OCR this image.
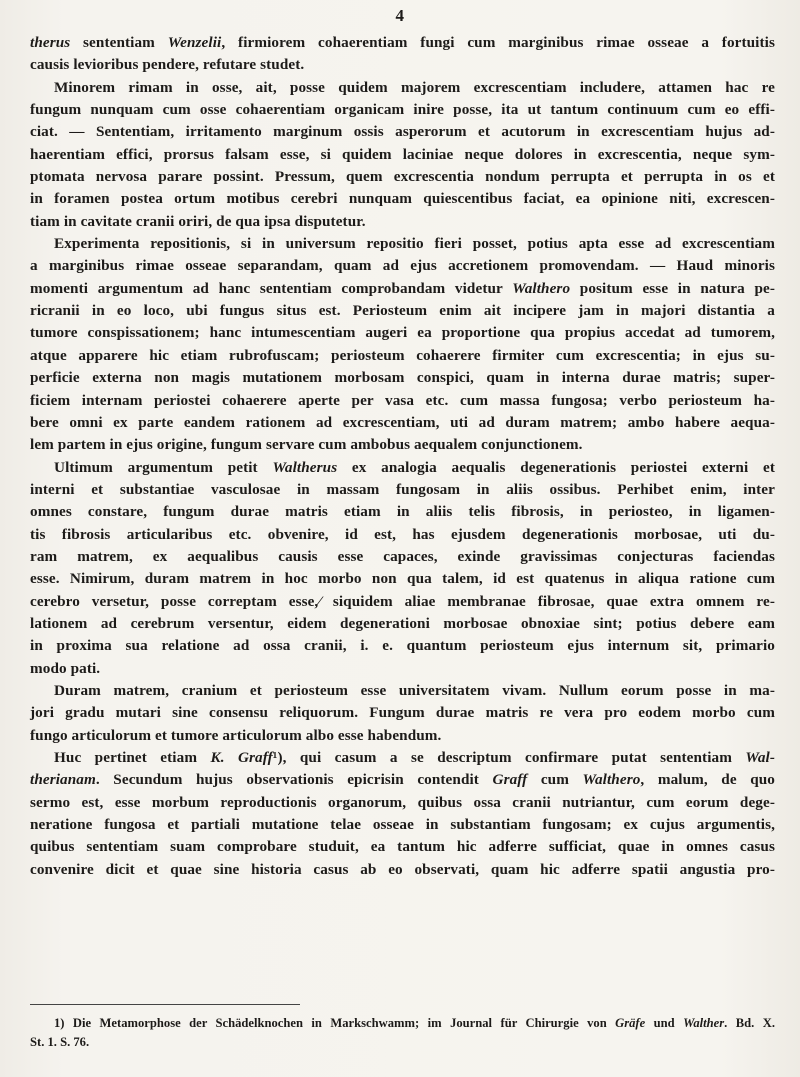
4
therus sententiam Wenzelii, firmiorem cohaerentiam fungi cum marginibus rimae osseae a fortuitis
causis levioribus pendere, refutare studet.
Minorem rimam in osse, ait, posse quidem majorem excrescentiam includere, attamen hac re
fungum nunquam cum osse cohaerentiam organicam inire posse, ita ut tantum continuum cum eo effi-
ciat. — Sententiam, irritamento marginum ossis asperorum et acutorum in excrescentiam hujus ad-
haerentiam effici, prorsus falsam esse, si quidem laciniae neque dolores in excrescentia, neque sym-
ptomata nervosa parare possint. Pressum, quem excrescentia nondum perrupta et perrupta in os et
in foramen postea ortum motibus cerebri nunquam quiescentibus faciat, ea opinione niti, excrescen-
tiam in cavitate cranii oriri, de qua ipsa disputetur.
Experimenta repositionis, si in universum repositio fieri posset, potius apta esse ad excrescentiam
a marginibus rimae osseae separandam, quam ad ejus accretionem promovendam. — Haud minoris
momenti argumentum ad hanc sententiam comprobandam videtur Walthero positum esse in natura pe-
ricranii in eo loco, ubi fungus situs est. Periosteum enim ait incipere jam in majori distantia a
tumore conspissationem; hanc intumescentiam augeri ea proportione qua propius accedat ad tumorem,
atque apparere hic etiam rubrofuscam; periosteum cohaerere firmiter cum excrescentia; in ejus su-
perficie externa non magis mutationem morbosam conspici, quam in interna durae matris; super-
ficiem internam periostei cohaerere aperte per vasa etc. cum massa fungosa; verbo periosteum ha-
bere omni ex parte eandem rationem ad excrescentiam, uti ad duram matrem; ambo habere aequa-
lem partem in ejus origine, fungum servare cum ambobus aequalem conjunctionem.
Ultimum argumentum petit Waltherus ex analogia aequalis degenerationis periostei externi et
interni et substantiae vasculosae in massam fungosam in aliis ossibus. Perhibet enim, inter
omnes constare, fungum durae matris etiam in aliis telis fibrosis, in periosteo, in ligamen-
tis fibrosis articularibus etc. obvenire, id est, has ejusdem degenerationis morbosae, uti du-
ram matrem, ex aequalibus causis esse capaces, exinde gravissimas conjecturas faciendas
esse. Nimirum, duram matrem in hoc morbo non qua talem, id est quatenus in aliqua ratione cum
cerebro versetur, posse correptam esse,⁄ siquidem aliae membranae fibrosae, quae extra omnem re-
lationem ad cerebrum versentur, eidem degenerationi morbosae obnoxiae sint; potius debere eam
in proxima sua relatione ad ossa cranii, i. e. quantum periosteum ejus internum sit, primario
modo pati.
Duram matrem, cranium et periosteum esse universitatem vivam. Nullum eorum posse in ma-
jori gradu mutari sine consensu reliquorum. Fungum durae matris re vera pro eodem morbo cum
fungo articulorum et tumore articulorum albo esse habendum.
Huc pertinet etiam K. Graff¹), qui casum a se descriptum confirmare putat sententiam Wal-
therianam. Secundum hujus observationis epicrisin contendit Graff cum Walthero, malum, de quo
sermo est, esse morbum reproductionis organorum, quibus ossa cranii nutriantur, cum eorum dege-
neratione fungosa et partiali mutatione telae osseae in substantiam fungosam; ex cujus argumentis,
quibus sententiam suam comprobare studuit, ea tantum hic adferre sufficiat, quae in omnes casus
convenire dicit et quae sine historia casus ab eo observati, quam hic adferre spatii angustia pro-
1) Die Metamorphose der Schädelknochen in Markschwamm; im Journal für Chirurgie von Gräfe und Walther. Bd. X.
St. 1. S. 76.
